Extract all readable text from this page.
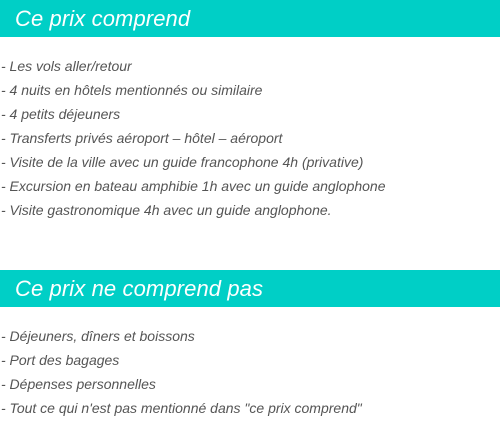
Ce prix comprend
- Les vols aller/retour
- 4 nuits en hôtels mentionnés ou similaire
- 4 petits déjeuners
- Transferts privés aéroport – hôtel – aéroport
- Visite de la ville avec un guide francophone 4h (privative)
- Excursion en bateau amphibie 1h avec un guide anglophone
- Visite gastronomique 4h avec un guide anglophone.
Ce prix ne comprend pas
- Déjeuners, dîners et boissons
- Port des bagages
- Dépenses personnelles
- Tout ce qui n'est pas mentionné dans "ce prix comprend"
